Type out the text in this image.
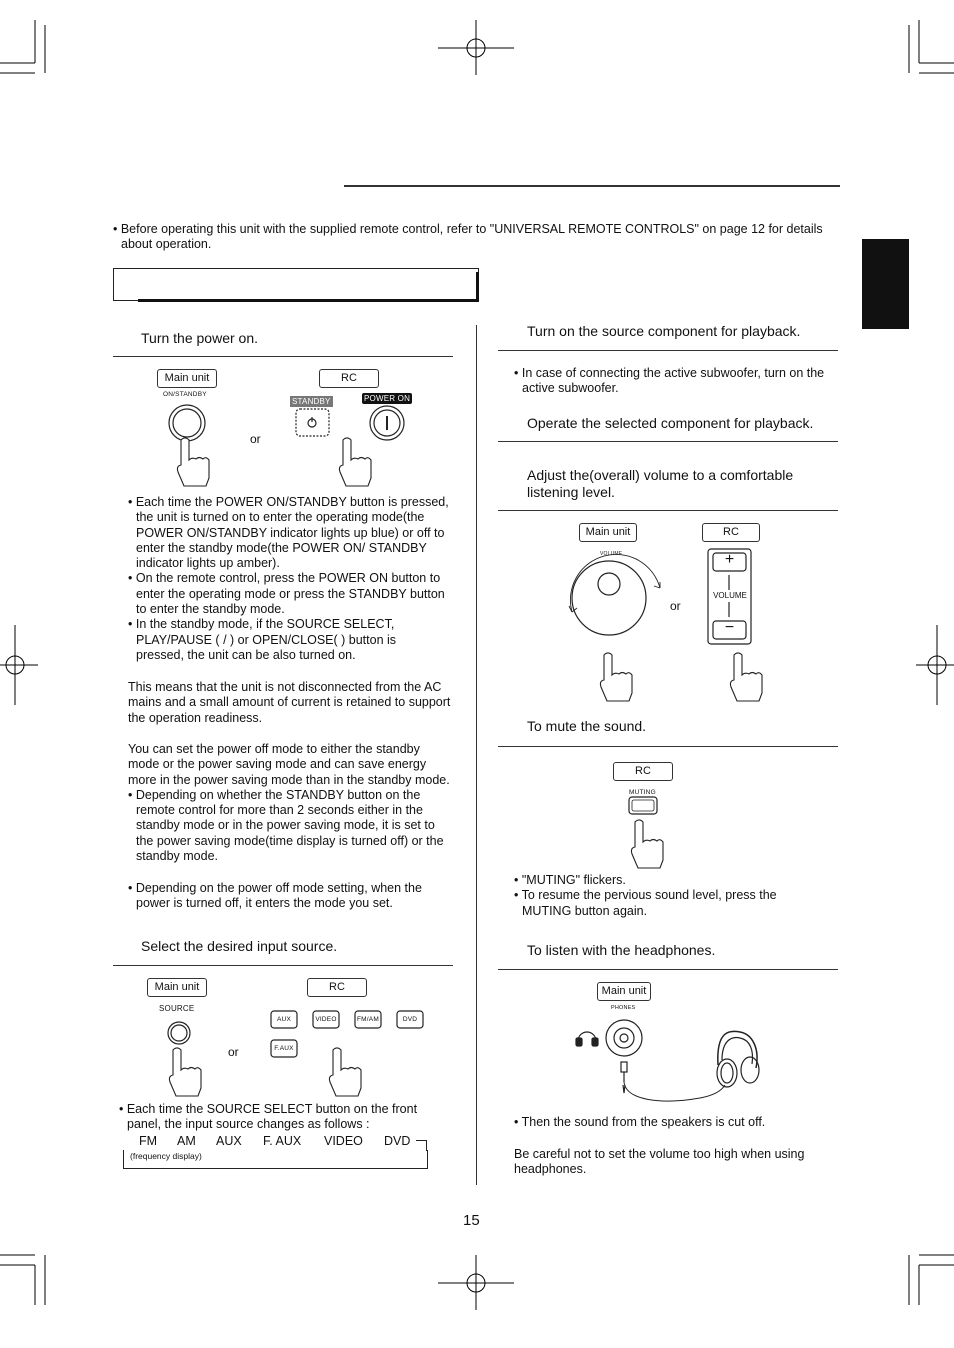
• Before operating this unit with the supplied remote control, refer to "UNIVERSAL REMOTE CONTROLS" on page 12 for details
about operation.
Turn the power on.
Main unit	RC
ON/STANDBY
STANDBY	POWER ON
or
• Each time the POWER ON/STANDBY button is pressed,
the unit is turned on to enter the operating mode(the
POWER ON/STANDBY indicator lights up blue) or off to
enter the standby mode(the POWER ON/ STANDBY
indicator lights up amber).
• On the remote control, press the POWER ON button to
enter the operating mode or press the STANDBY button
to enter the standby mode.
• In the standby mode, if the SOURCE SELECT,
PLAY/PAUSE ( / ) or OPEN/CLOSE( ) button is
pressed, the unit can be also turned on.
This means that the unit is not disconnected from the AC
mains and a small amount of current is retained to support
the operation readiness.
You can set the power off mode to either the standby
mode or the power saving mode and can save energy
more in the power saving mode than in the standby mode.
• Depending on whether the STANDBY button on the
remote control for more than 2 seconds either in the
standby mode or in the power saving mode, it is set to
the power saving mode(time display is turned off) or the
standby mode.
• Depending on the power off mode setting, when the
power is turned off, it enters the mode you set.
Select the desired input source.
Main unit	RC
SOURCE
or
AUX	VIDEO	FM/AM	DVD
F.AUX
• Each time the SOURCE SELECT button on the front
panel, the input source changes as follows :
FM AM AUX F. AUX VIDEO DVD
(frequency display)
Turn on the source component for playback.
• In case of connecting the active subwoofer, turn on the
active subwoofer.
Operate the selected component for playback.
Adjust the(overall) volume to a comfortable
listening level.
Main unit	RC
VOLUME
or
+
−
VOLUME
To mute the sound.
RC
MUTING
• "MUTING" flickers.
• To resume the pervious sound level, press the
MUTING button again.
To listen with the headphones.
Main unit
PHONES
• Then the sound from the speakers is cut off.
Be careful not to set the volume too high when using
headphones.
15
